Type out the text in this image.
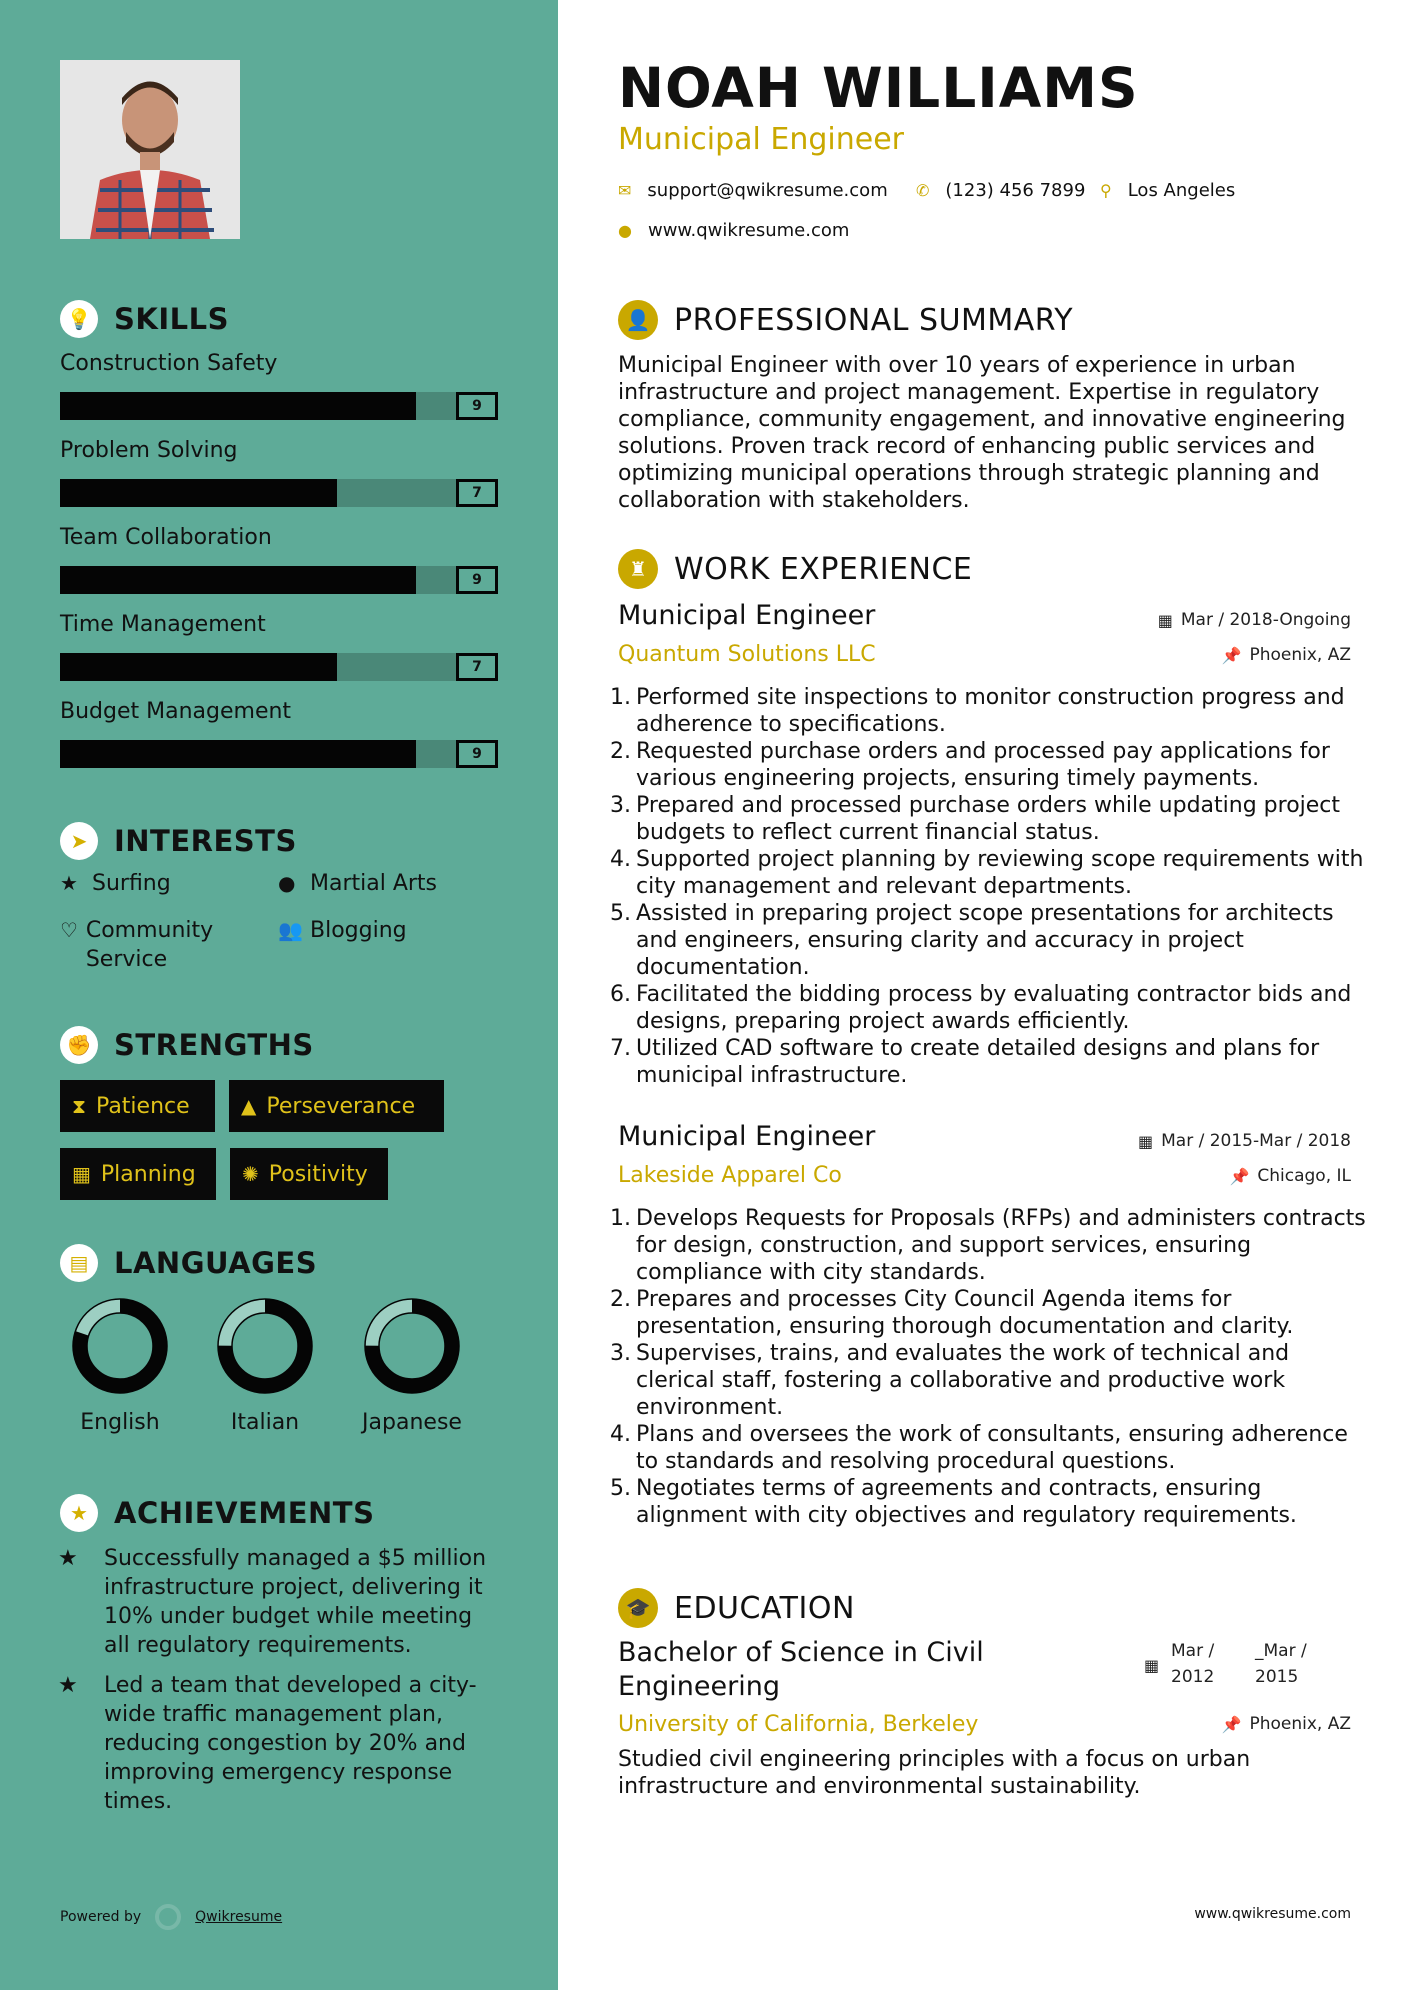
💡 SKILLS
Construction Safety
9
Problem Solving
7
Team Collaboration
9
Time Management
7
Budget Management
9
➤ INTERESTS
★ Surfing	● Martial Arts
♡ Community Service
👥 Blogging
✊ STRENGTHS
⧗ Patience	▲ Perseverance
▦ Planning ✺ Positivity
▤ LANGUAGES
English	Italian	Japanese
★ ACHIEVEMENTS
★	Successfully managed a $5 million infrastructure project, delivering it 10% under budget while meeting all regulatory requirements.
★	Led a team that developed a city-wide traffic management plan, reducing congestion by 20% and improving emergency response times.
Powered by	Qwikresume
NOAH WILLIAMS
Municipal Engineer
✉ support@qwikresume.com ✆ (123) 456 7899 ⚲ Los Angeles
● www.qwikresume.com
👤 PROFESSIONAL SUMMARY
Municipal Engineer with over 10 years of experience in urban infrastructure and project management. Expertise in regulatory compliance, community engagement, and innovative engineering solutions. Proven track record of enhancing public services and optimizing municipal operations through strategic planning and collaboration with stakeholders.
♜ WORK EXPERIENCE
Municipal Engineer	▦ Mar / 2018-Ongoing
Quantum Solutions LLC	📌 Phoenix, AZ
1. Performed site inspections to monitor construction progress and adherence to specifications.
2. Requested purchase orders and processed pay applications for various engineering projects, ensuring timely payments.
3. Prepared and processed purchase orders while updating project budgets to reflect current financial status.
4. Supported project planning by reviewing scope requirements with city management and relevant departments.
5. Assisted in preparing project scope presentations for architects and engineers, ensuring clarity and accuracy in project documentation.
6. Facilitated the bidding process by evaluating contractor bids and designs, preparing project awards efficiently.
7. Utilized CAD software to create detailed designs and plans for municipal infrastructure.
Municipal Engineer	▦ Mar / 2015-Mar / 2018
Lakeside Apparel Co	📌 Chicago, IL
1. Develops Requests for Proposals (RFPs) and administers contracts for design, construction, and support services, ensuring compliance with city standards.
2. Prepares and processes City Council Agenda items for presentation, ensuring thorough documentation and clarity.
3. Supervises, trains, and evaluates the work of technical and clerical staff, fostering a collaborative and productive work environment.
4. Plans and oversees the work of consultants, ensuring adherence to standards and resolving procedural questions.
5. Negotiates terms of agreements and contracts, ensuring alignment with city objectives and regulatory requirements.
🎓 EDUCATION
Bachelor of Science in Civil Engineering
▦
Mar / 2012
_Mar / 2015
University of California, Berkeley	📌 Phoenix, AZ
Studied civil engineering principles with a focus on urban infrastructure and environmental sustainability.
www.qwikresume.com
